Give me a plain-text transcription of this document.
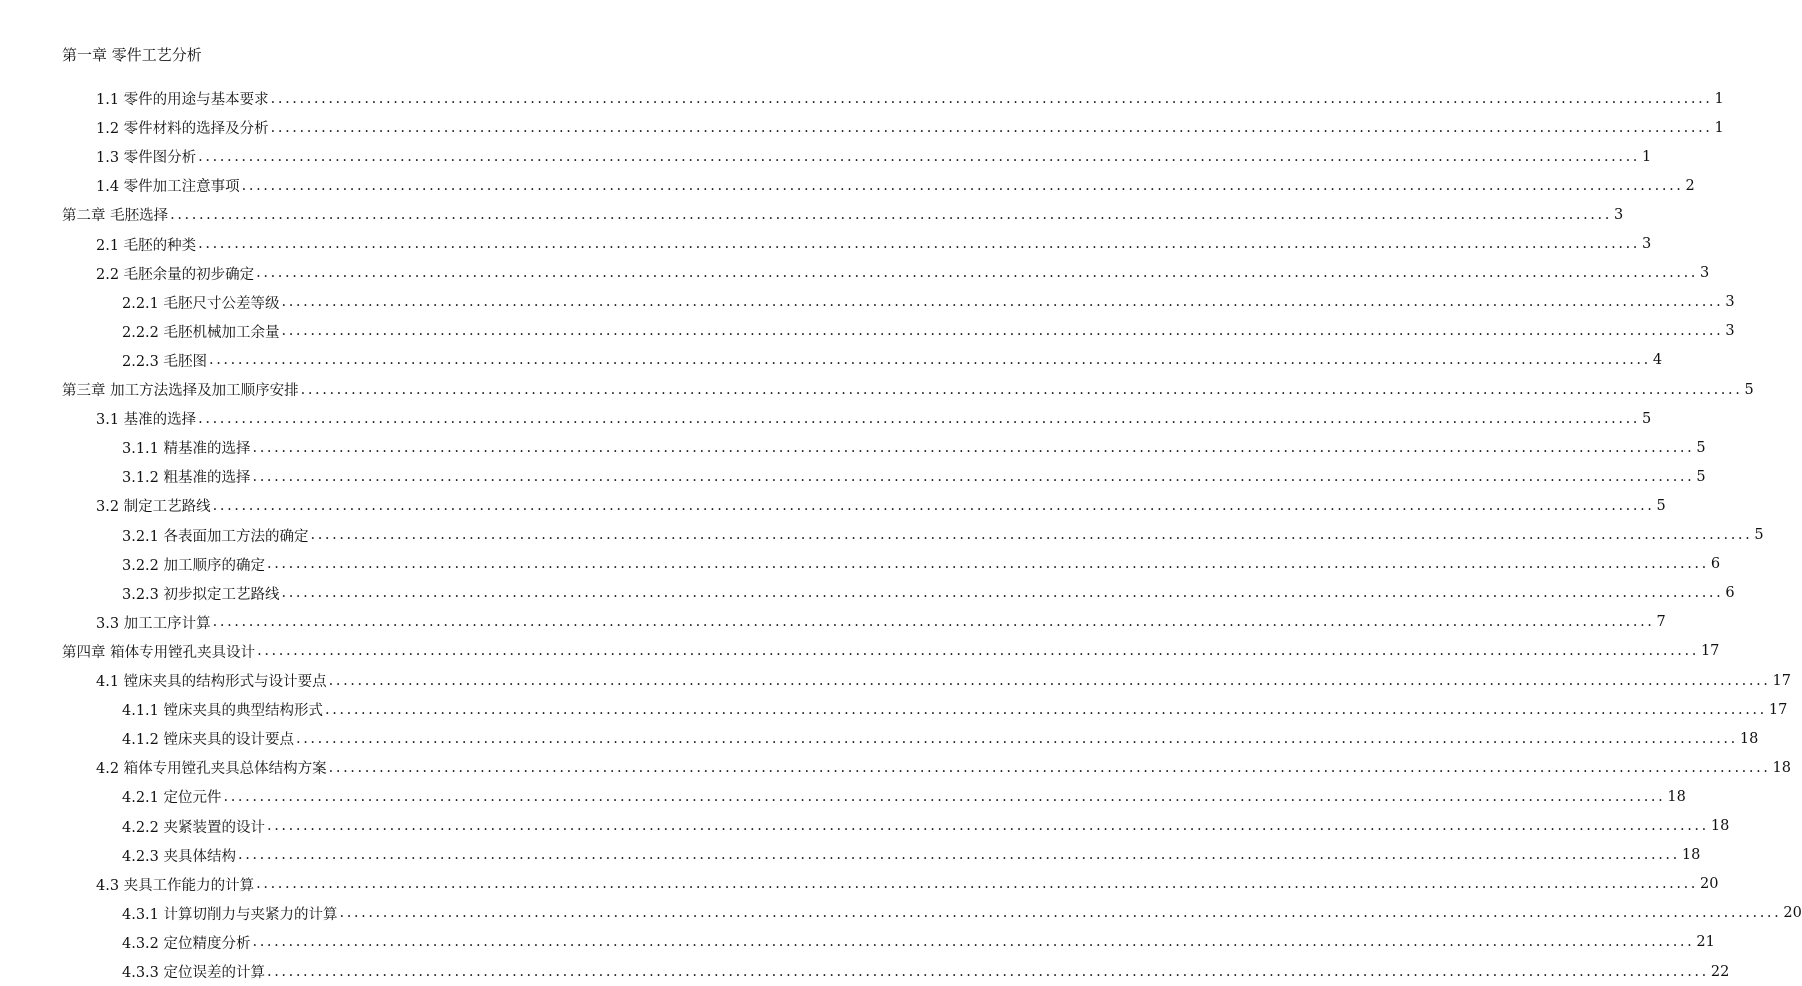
第一章 零件工艺分析
1.1 零件的用途与基本要求 ........................................................................................................................................................................................................ 1
1.2 零件材料的选择及分析 ........................................................................................................................................................................................................ 1
1.3 零件图分析 ........................................................................................................................................................................................................ 1
1.4 零件加工注意事项 ........................................................................................................................................................................................................ 2
第二章 毛胚选择 ........................................................................................................................................................................................................ 3
2.1 毛胚的种类 ........................................................................................................................................................................................................ 3
2.2 毛胚余量的初步确定 ........................................................................................................................................................................................................ 3
2.2.1 毛胚尺寸公差等级 ........................................................................................................................................................................................................ 3
2.2.2 毛胚机械加工余量 ........................................................................................................................................................................................................ 3
2.2.3 毛胚图 ........................................................................................................................................................................................................ 4
第三章 加工方法选择及加工顺序安排 ........................................................................................................................................................................................................ 5
3.1 基准的选择 ........................................................................................................................................................................................................ 5
3.1.1 精基准的选择 ........................................................................................................................................................................................................ 5
3.1.2 粗基准的选择 ........................................................................................................................................................................................................ 5
3.2 制定工艺路线 ........................................................................................................................................................................................................ 5
3.2.1 各表面加工方法的确定 ........................................................................................................................................................................................................ 5
3.2.2 加工顺序的确定 ........................................................................................................................................................................................................ 6
3.2.3 初步拟定工艺路线 ........................................................................................................................................................................................................ 6
3.3 加工工序计算 ........................................................................................................................................................................................................ 7
第四章 箱体专用镗孔夹具设计 ........................................................................................................................................................................................................ 17
4.1 镗床夹具的结构形式与设计要点 ........................................................................................................................................................................................................ 17
4.1.1 镗床夹具的典型结构形式 ........................................................................................................................................................................................................ 17
4.1.2 镗床夹具的设计要点 ........................................................................................................................................................................................................ 18
4.2 箱体专用镗孔夹具总体结构方案 ........................................................................................................................................................................................................ 18
4.2.1 定位元件 ........................................................................................................................................................................................................ 18
4.2.2 夹紧装置的设计 ........................................................................................................................................................................................................ 18
4.2.3 夹具体结构 ........................................................................................................................................................................................................ 18
4.3 夹具工作能力的计算 ........................................................................................................................................................................................................ 20
4.3.1 计算切削力与夹紧力的计算 ........................................................................................................................................................................................................ 20
4.3.2 定位精度分析 ........................................................................................................................................................................................................ 21
4.3.3 定位误差的计算 ........................................................................................................................................................................................................ 22
